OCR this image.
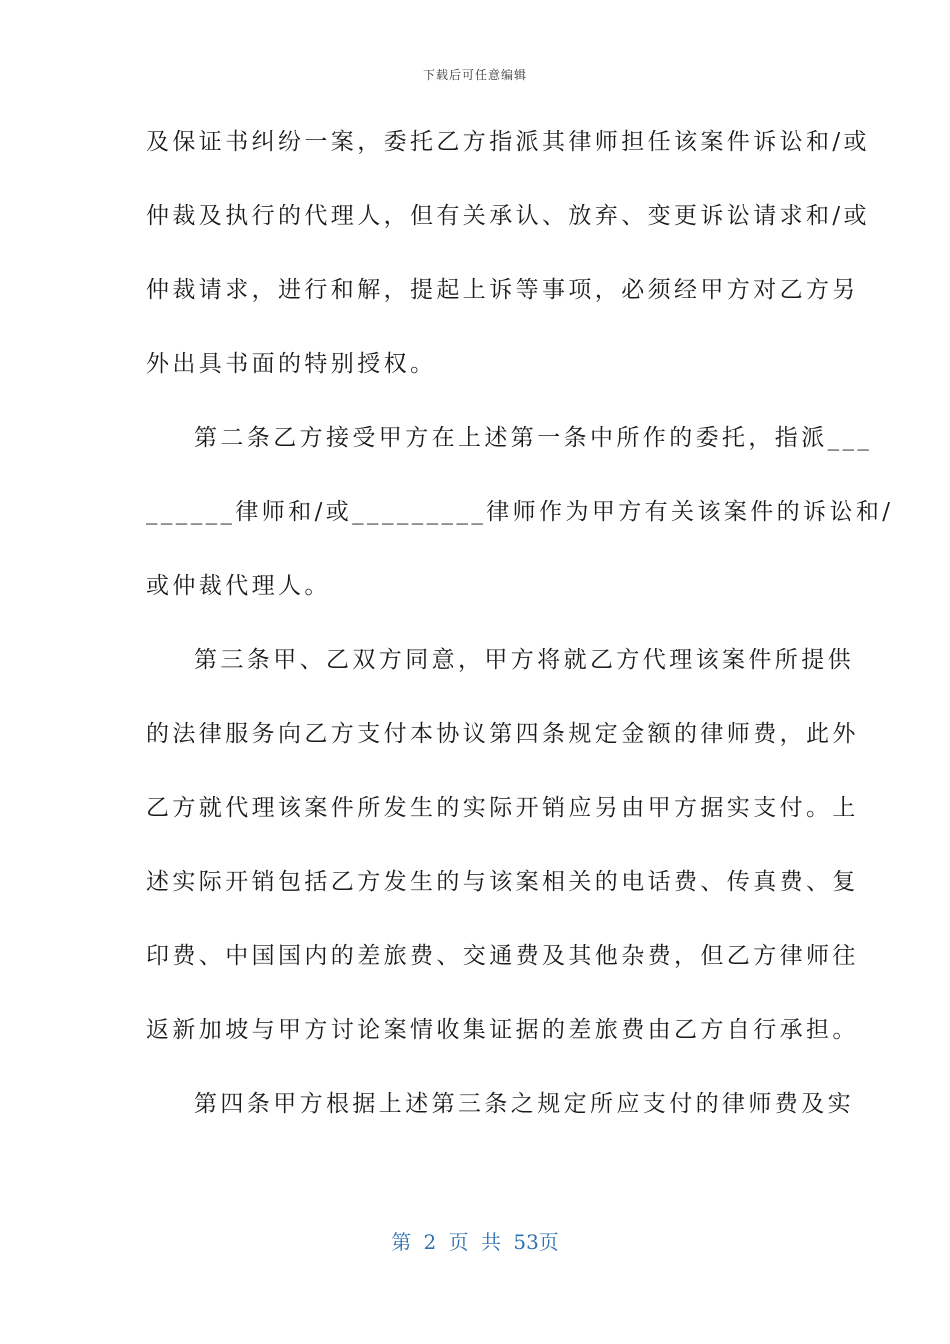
下载后可任意编辑
及保证书纠纷一案，委托乙方指派其律师担任该案件诉讼和/或
仲裁及执行的代理人，但有关承认、放弃、变更诉讼请求和/或
仲裁请求，进行和解，提起上诉等事项，必须经甲方对乙方另
外出具书面的特别授权。
第二条乙方接受甲方在上述第一条中所作的委托，指派___
______律师和/或_________律师作为甲方有关该案件的诉讼和/
或仲裁代理人。
第三条甲、乙双方同意，甲方将就乙方代理该案件所提供
的法律服务向乙方支付本协议第四条规定金额的律师费，此外
乙方就代理该案件所发生的实际开销应另由甲方据实支付。上
述实际开销包括乙方发生的与该案相关的电话费、传真费、复
印费、中国国内的差旅费、交通费及其他杂费，但乙方律师往
返新加坡与甲方讨论案情收集证据的差旅费由乙方自行承担。
第四条甲方根据上述第三条之规定所应支付的律师费及实
第 2 页 共 53页
